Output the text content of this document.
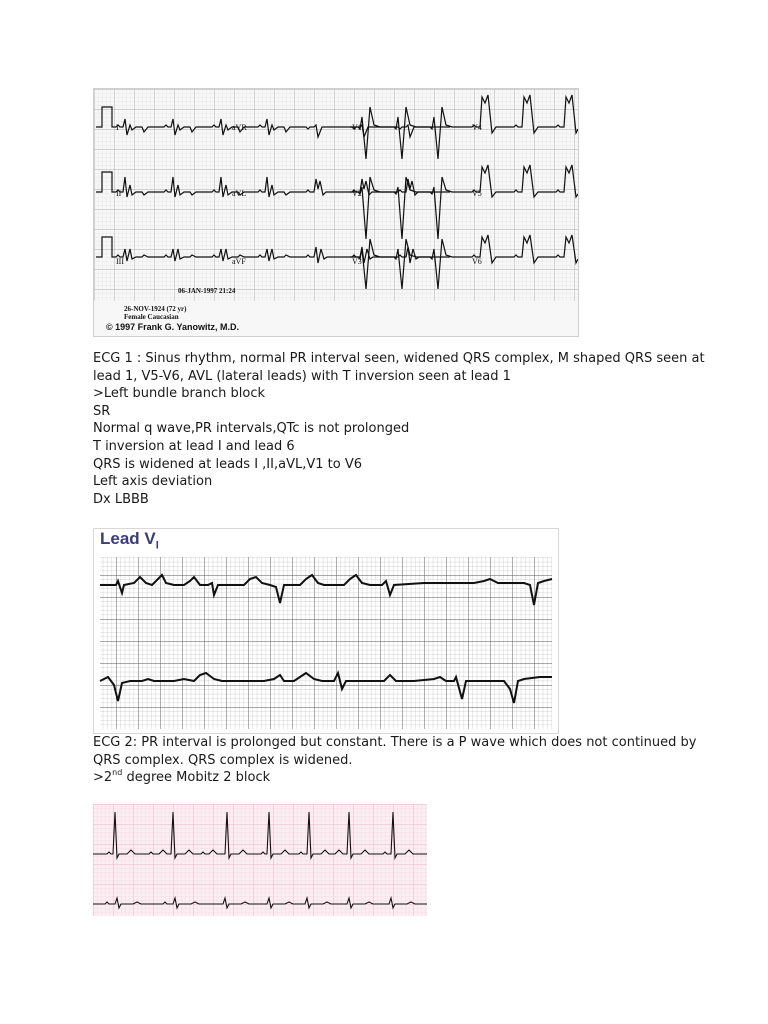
I	aVR	V1	V4
II	aVL	V2	V5
III	aVF	V3	V6
06-JAN-1997 21:24
26-NOV-1924 (72 yr)
Female Caucasian
© 1997 Frank G. Yanowitz, M.D.
ECG 1 : Sinus rhythm, normal PR interval seen, widened QRS complex, M shaped QRS seen at
lead 1, V5-V6, AVL (lateral leads) with T inversion seen at lead 1
>Left bundle branch block
SR
Normal q wave,PR intervals,QTc is not prolonged
T inversion at lead I and lead 6
QRS is widened at leads I ,II,aVL,V1 to V6
Left axis deviation
Dx LBBB
Lead $V_I$
ECG 2: PR interval is prolonged but constant. There is a P wave which does not continued by
QRS complex. QRS complex is widened.
>2nd degree Mobitz 2 block
